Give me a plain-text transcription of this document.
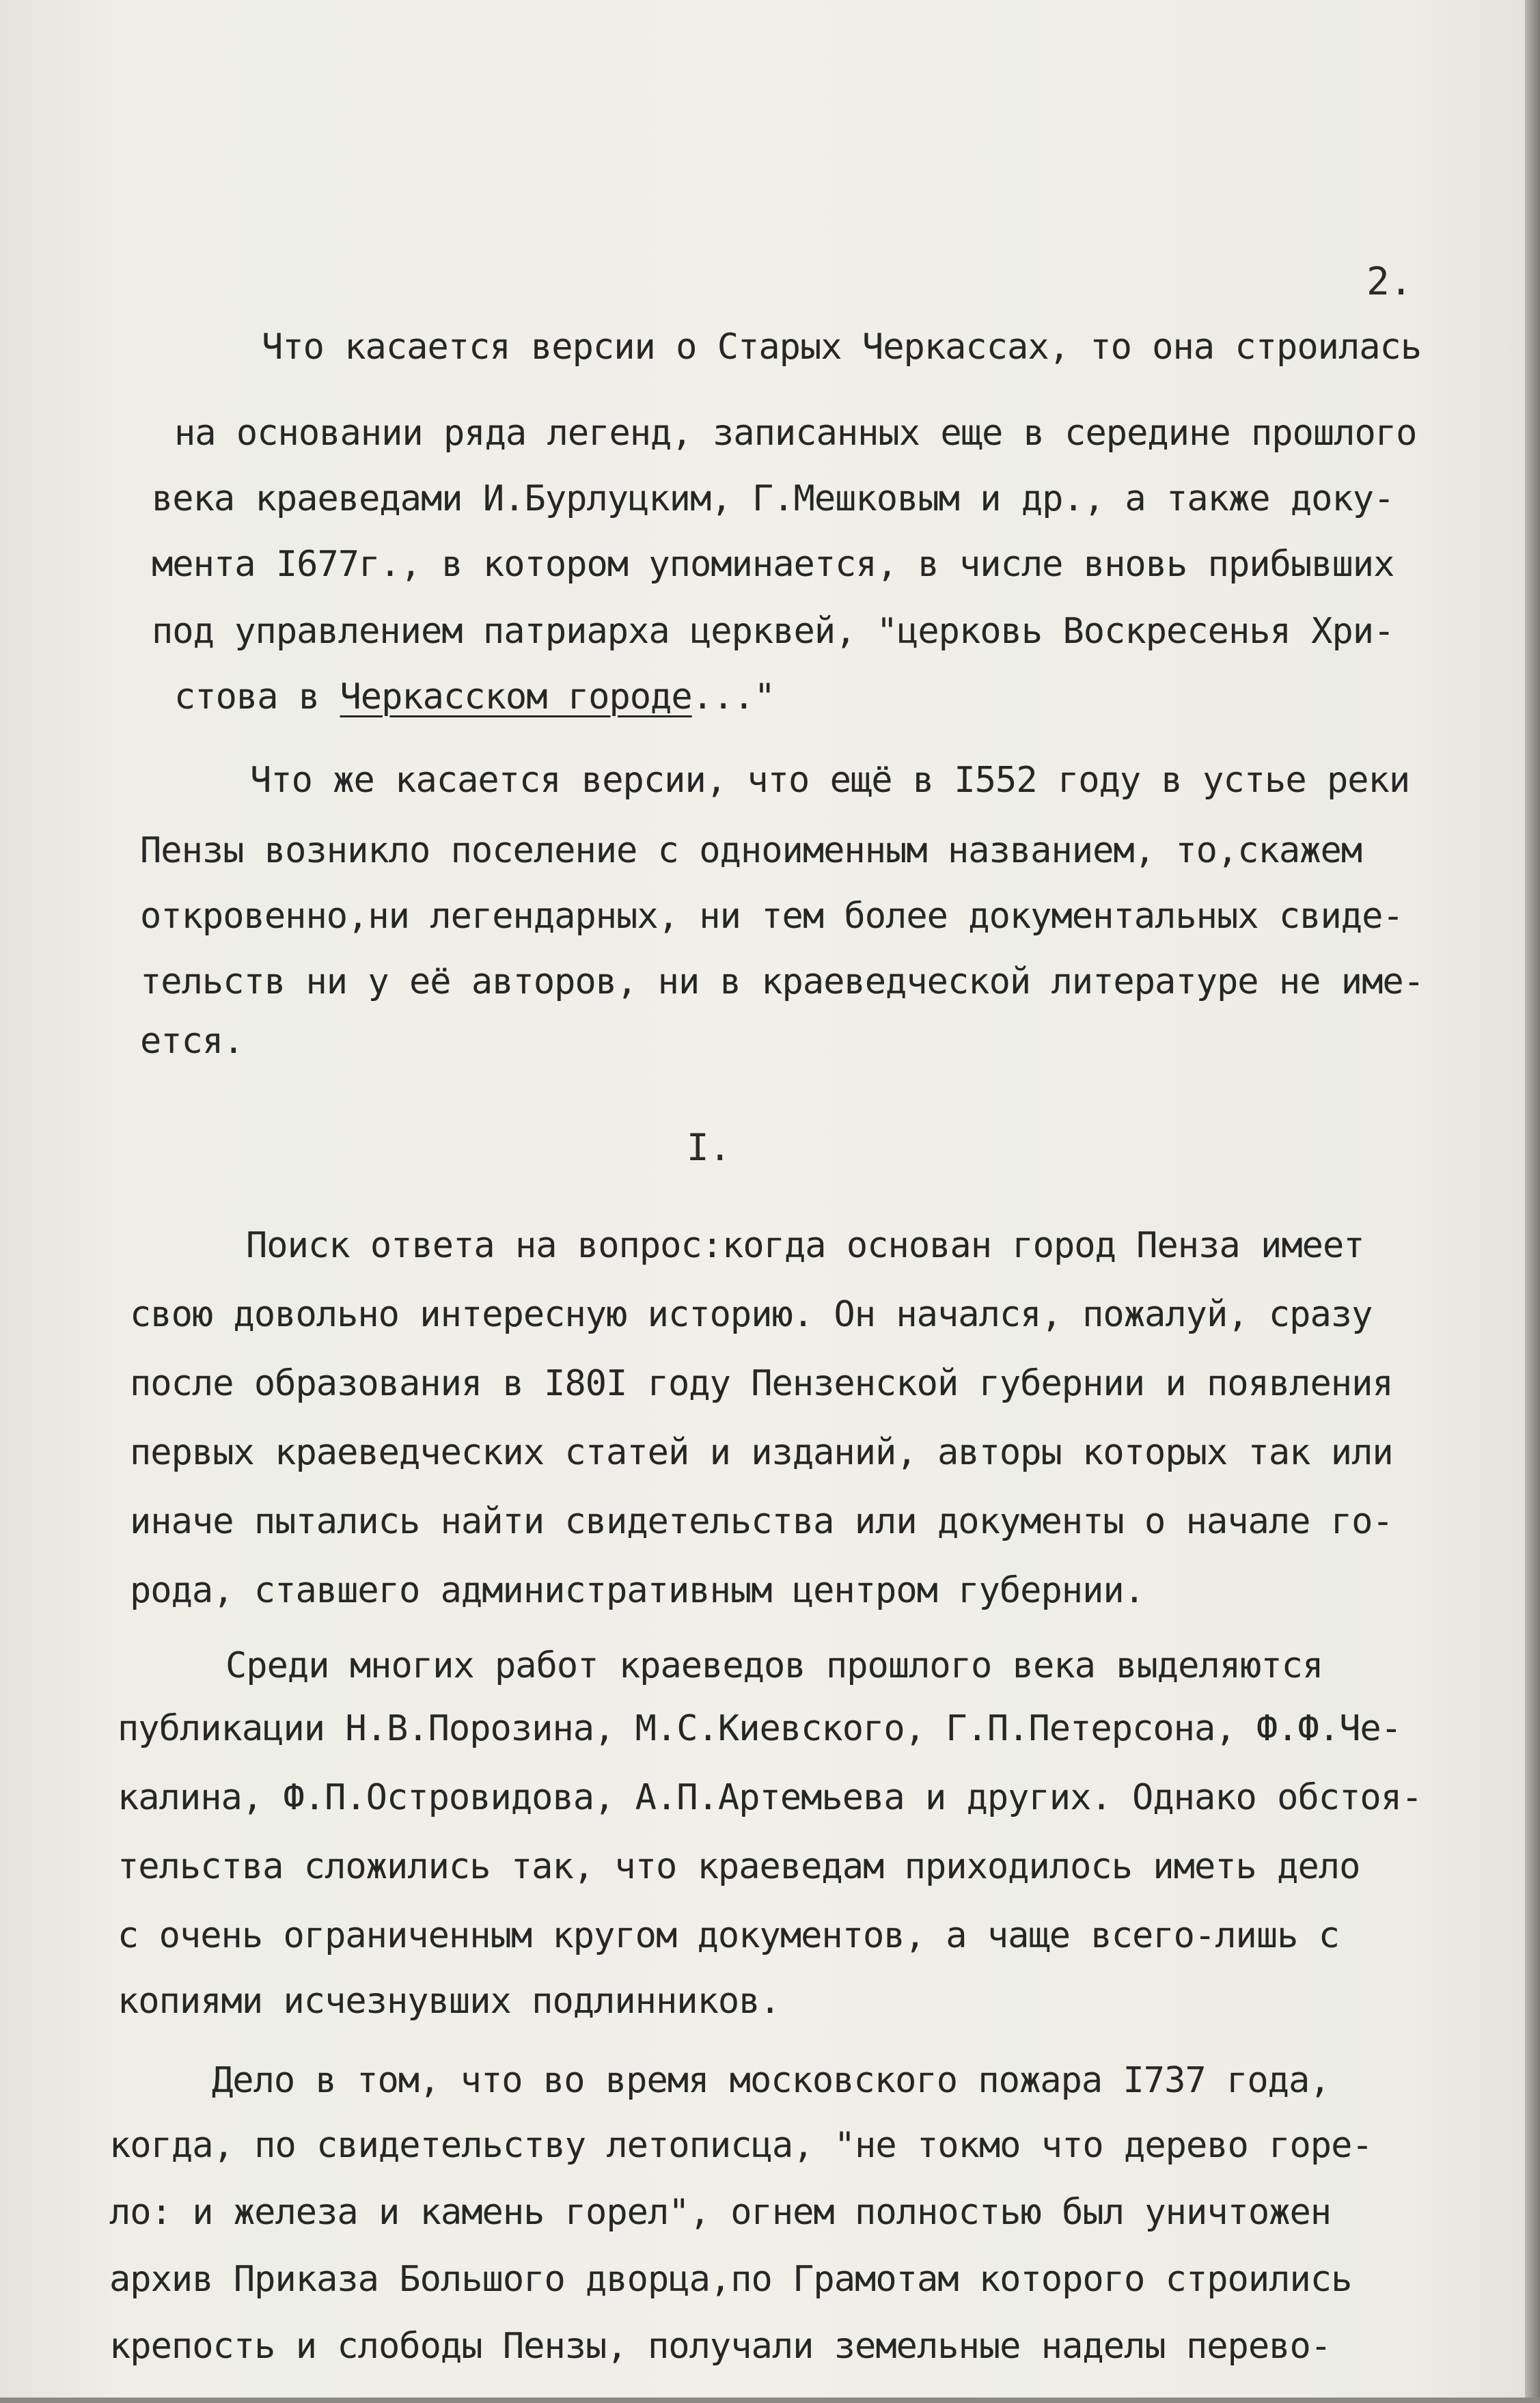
2.
Что касается версии о Старых Черкассах, то она строилась
на основании ряда легенд, записанных еще в середине прошлого
века краеведами И.Бурлуцким, Г.Мешковым и др., а также доку-
мента I677г., в котором упоминается, в числе вновь прибывших
под управлением патриарха церквей, "церковь Воскресенья Хри-
стова в Черкасском городе..."
Что же касается версии, что ещё в I552 году в устье реки
Пензы возникло поселение с одноименным названием, то,скажем
откровенно,ни легендарных, ни тем более документальных свиде-
тельств ни у её авторов, ни в краеведческой литературе не име-
ется.
I.
Поиск ответа на вопрос:когда основан город Пенза имеет
свою довольно интересную историю. Он начался, пожалуй, сразу
после образования в I80I году Пензенской губернии и появления
первых краеведческих статей и изданий, авторы которых так или
иначе пытались найти свидетельства или документы о начале го-
рода, ставшего административным центром губернии.
Среди многих работ краеведов прошлого века выделяются
публикации Н.В.Порозина, М.С.Киевского, Г.П.Петерсона, Ф.Ф.Че-
калина, Ф.П.Островидова, А.П.Артемьева и других. Однако обстоя-
тельства сложились так, что краеведам приходилось иметь дело
с очень ограниченным кругом документов, а чаще всего-лишь с
копиями исчезнувших подлинников.
Дело в том, что во время московского пожара I737 года,
когда, по свидетельству летописца, "не токмо что дерево горе-
ло: и железа и камень горел", огнем полностью был уничтожен
архив Приказа Большого дворца,по Грамотам которого строились
крепость и слободы Пензы, получали земельные наделы перево-
